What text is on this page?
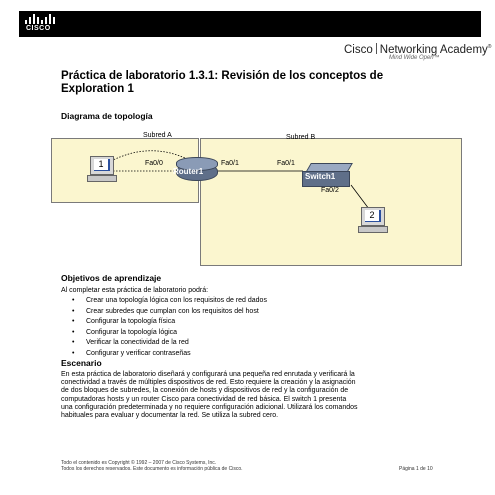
CISCO
Cisco Networking Academy®
Mind Wide Open™
Práctica de laboratorio 1.3.1: Revisión de los conceptos de Exploration 1
Diagrama de topología
Subred A	Subred B
1
Router1
Switch1
2
Fa0/0	Fa0/1	Fa0/1
Fa0/2
Objetivos de aprendizaje
Al completar esta práctica de laboratorio podrá:
• Crear una topología lógica con los requisitos de red dados
• Crear subredes que cumplan con los requisitos del host
• Configurar la topología física
• Configurar la topología lógica
• Verificar la conectividad de la red
• Configurar y verificar contraseñas
Escenario
En esta práctica de laboratorio diseñará y configurará una pequeña red enrutada y verificará la
conectividad a través de múltiples dispositivos de red. Esto requiere la creación y la asignación
de dos bloques de subredes, la conexión de hosts y dispositivos de red y la configuración de
computadoras hosts y un router Cisco para conectividad de red básica. El switch 1 presenta
una configuración predeterminada y no requiere configuración adicional. Utilizará los comandos
habituales para evaluar y documentar la red. Se utiliza la subred cero.
Todo el contenido es Copyright © 1992 – 2007 de Cisco Systems, Inc.
Todos los derechos reservados. Este documento es información pública de Cisco.	Página 1 de 10
